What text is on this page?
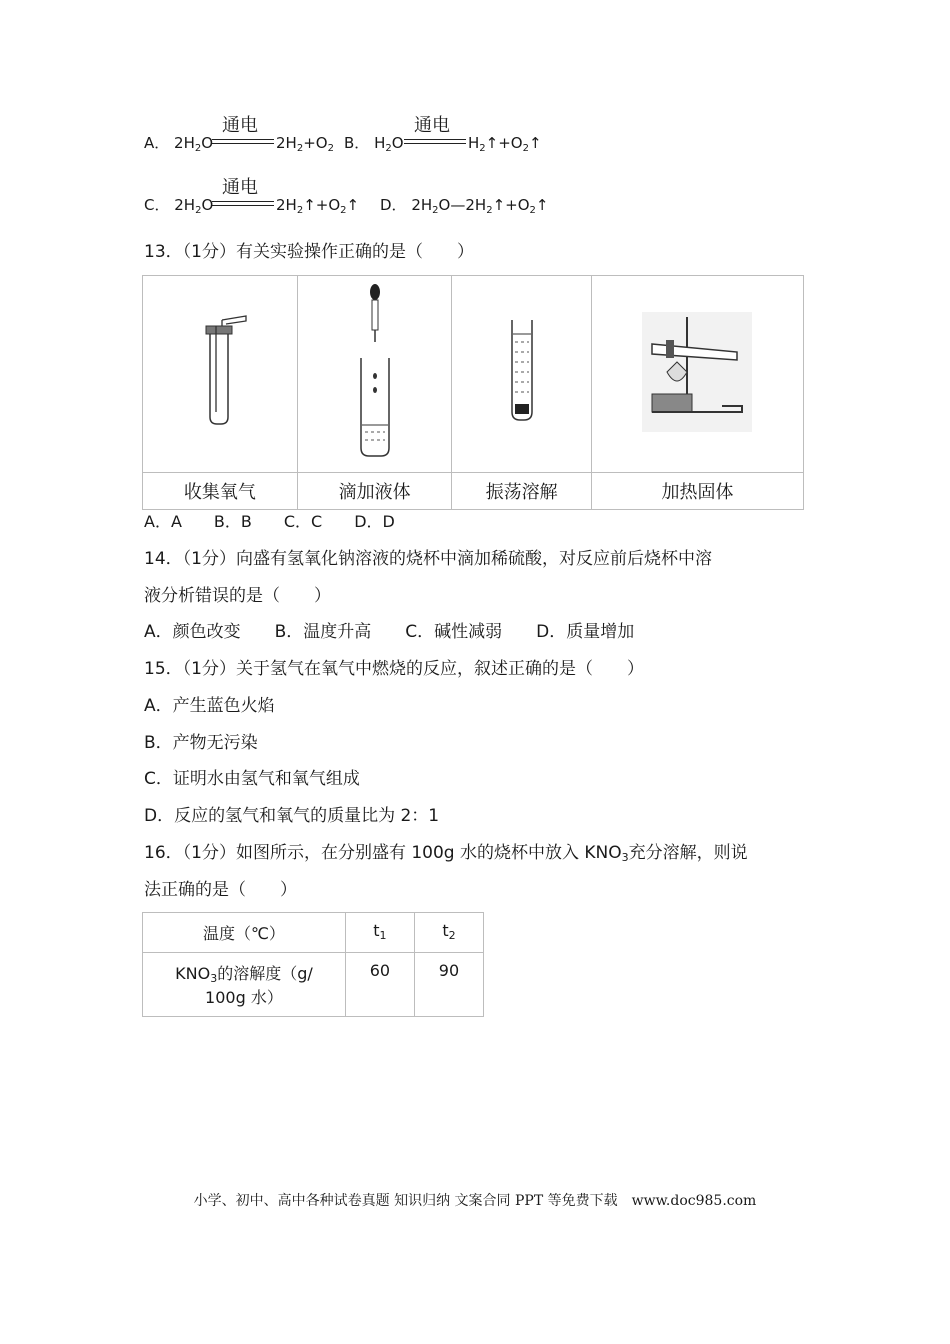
A． $2H_2O$
通电
$2H_2+O_2$ B． $H_2O$
通电
$H_2↑+O_2↑$
C． $2H_2O$
通电
$2H_2↑+O_2↑$ D． $2H_2O—2H_2↑+O_2↑$
13．（1分）有关实验操作正确的是（　　）

收集氧气	滴加液体	振荡溶解	加热固体
A．A　　B．B　　C．C　　D．D
14．（1分）向盛有氢氧化钠溶液的烧杯中滴加稀硫酸，对反应前后烧杯中溶
液分析错误的是（　　）
A．颜色改变　　B．温度升高　　C．碱性减弱　　D．质量增加
15．（1分）关于氢气在氧气中燃烧的反应，叙述正确的是（　　）
A．产生蓝色火焰
B．产物无污染
C．证明水由氢气和氧气组成
D．反应的氢气和氧气的质量比为 2：1
16．（1分）如图所示，在分别盛有 100g 水的烧杯中放入 $KNO_3$充分溶解，则说
法正确的是（　　）
温度（℃）	$t_1$	$t_2$
$KNO_3$的溶解度（g/
100g 水）	60	90
小学、初中、高中各种试卷真题 知识归纳 文案合同 PPT 等免费下载　www.doc985.com
